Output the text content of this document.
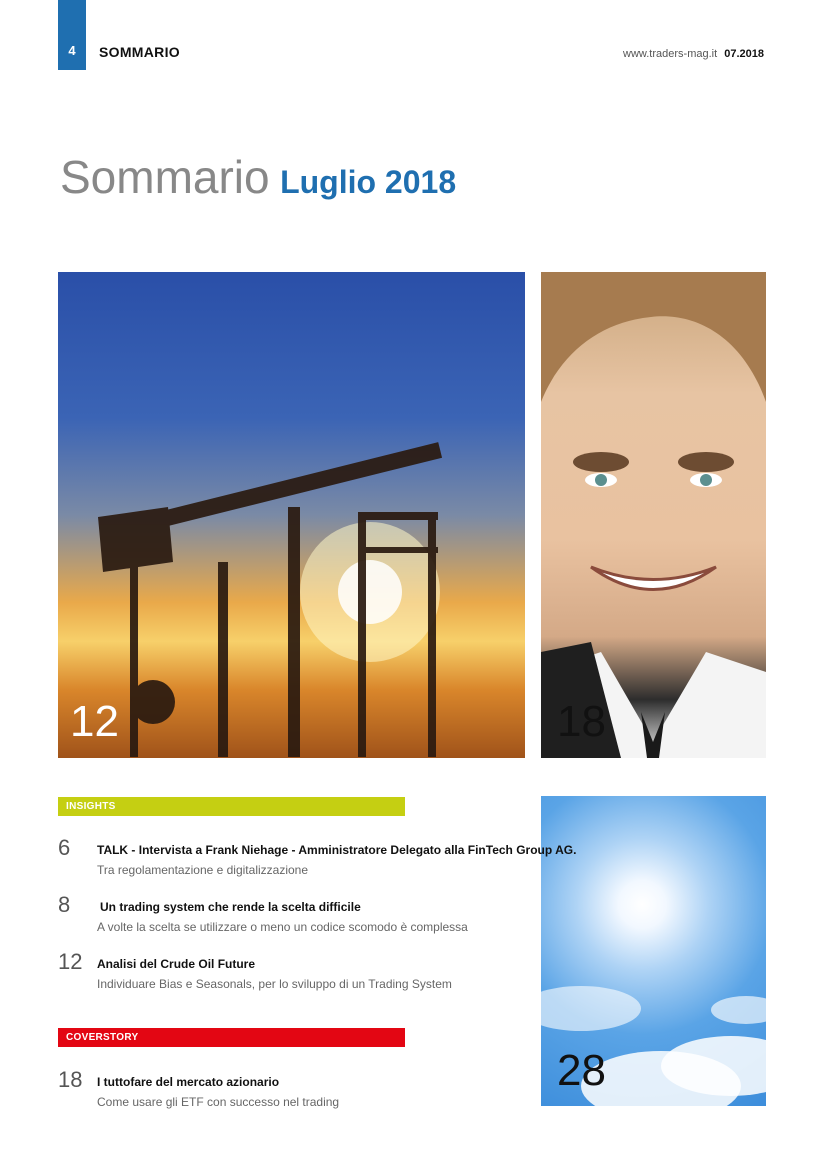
4 SOMMARIO	www.traders-mag.it 07.2018
Sommario Luglio 2018
12	18
28
INSIGHTS
6	TALK - Intervista a Frank Niehage - Amministratore Delegato alla FinTech Group AG.
Tra regolamentazione e digitalizzazione
8	Un trading system che rende la scelta difficile
A volte la scelta se utilizzare o meno un codice scomodo è complessa
12	Analisi del Crude Oil Future
Individuare Bias e Seasonals, per lo sviluppo di un Trading System
COVERSTORY
18	I tuttofare del mercato azionario
Come usare gli ETF con successo nel trading
